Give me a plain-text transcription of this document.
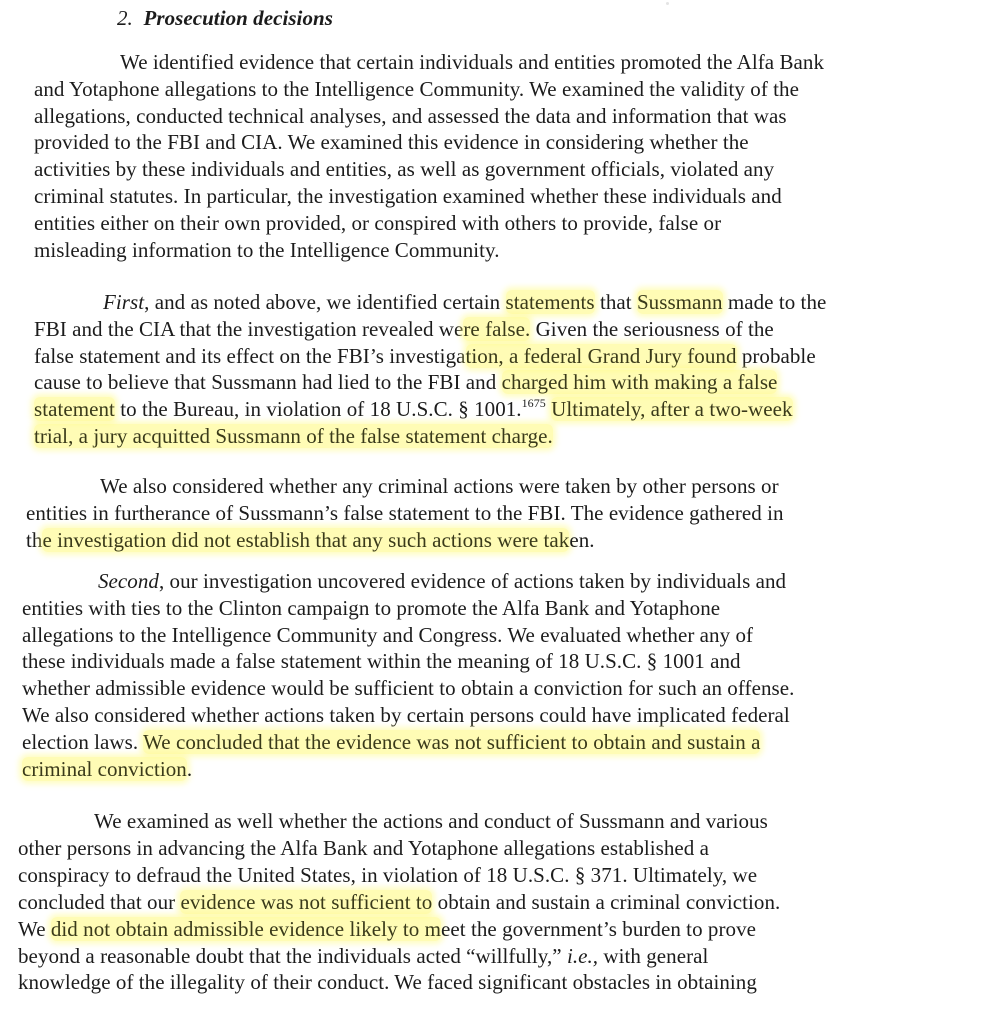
2. Prosecution decisions
We identified evidence that certain individuals and entities promoted the Alfa Bank
and Yotaphone allegations to the Intelligence Community. We examined the validity of the
allegations, conducted technical analyses, and assessed the data and information that was
provided to the FBI and CIA. We examined this evidence in considering whether the
activities by these individuals and entities, as well as government officials, violated any
criminal statutes. In particular, the investigation examined whether these individuals and
entities either on their own provided, or conspired with others to provide, false or
misleading information to the Intelligence Community.
First, and as noted above, we identified certain statements that Sussmann made to the
FBI and the CIA that the investigation revealed were false. Given the seriousness of the
false statement and its effect on the FBI’s investigation, a federal Grand Jury found probable
cause to believe that Sussmann had lied to the FBI and charged him with making a false
statement to the Bureau, in violation of 18 U.S.C. § 1001.$^{1675}$ Ultimately, after a two-week
trial, a jury acquitted Sussmann of the false statement charge.
We also considered whether any criminal actions were taken by other persons or
entities in furtherance of Sussmann’s false statement to the FBI. The evidence gathered in
the investigation did not establish that any such actions were taken.
Second, our investigation uncovered evidence of actions taken by individuals and
entities with ties to the Clinton campaign to promote the Alfa Bank and Yotaphone
allegations to the Intelligence Community and Congress. We evaluated whether any of
these individuals made a false statement within the meaning of 18 U.S.C. § 1001 and
whether admissible evidence would be sufficient to obtain a conviction for such an offense.
We also considered whether actions taken by certain persons could have implicated federal
election laws. We concluded that the evidence was not sufficient to obtain and sustain a
criminal conviction.
We examined as well whether the actions and conduct of Sussmann and various
other persons in advancing the Alfa Bank and Yotaphone allegations established a
conspiracy to defraud the United States, in violation of 18 U.S.C. § 371. Ultimately, we
concluded that our evidence was not sufficient to obtain and sustain a criminal conviction.
We did not obtain admissible evidence likely to meet the government’s burden to prove
beyond a reasonable doubt that the individuals acted “willfully,” i.e., with general
knowledge of the illegality of their conduct. We faced significant obstacles in obtaining
